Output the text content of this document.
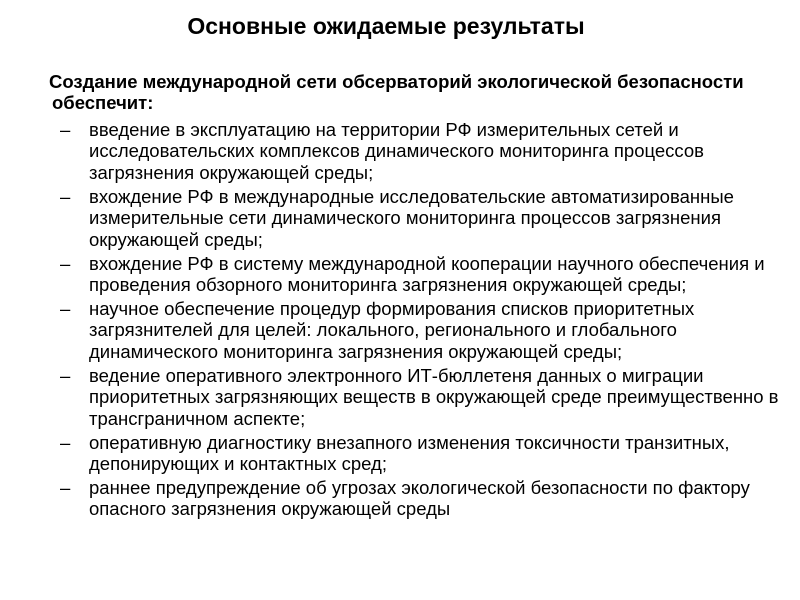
Основные ожидаемые результаты
Создание международной сети обсерваторий экологической безопасности обеспечит:
– введение в эксплуатацию на территории РФ измерительных сетей и исследовательских комплексов динамического мониторинга процессов загрязнения окружающей среды;
– вхождение РФ в международные исследовательские автоматизированные измерительные сети динамического мониторинга процессов загрязнения окружающей среды;
– вхождение РФ в систему международной кооперации научного обеспечения и проведения обзорного мониторинга загрязнения окружающей среды;
– научное обеспечение процедур формирования списков приоритетных загрязнителей для целей: локального, регионального и глобального динамического мониторинга загрязнения окружающей среды;
– ведение оперативного электронного ИТ-бюллетеня данных о миграции приоритетных загрязняющих веществ в окружающей среде преимущественно в трансграничном аспекте;
– оперативную диагностику внезапного изменения токсичности транзитных, депонирующих и контактных сред;
– раннее предупреждение об угрозах экологической безопасности по фактору опасного загрязнения окружающей среды
